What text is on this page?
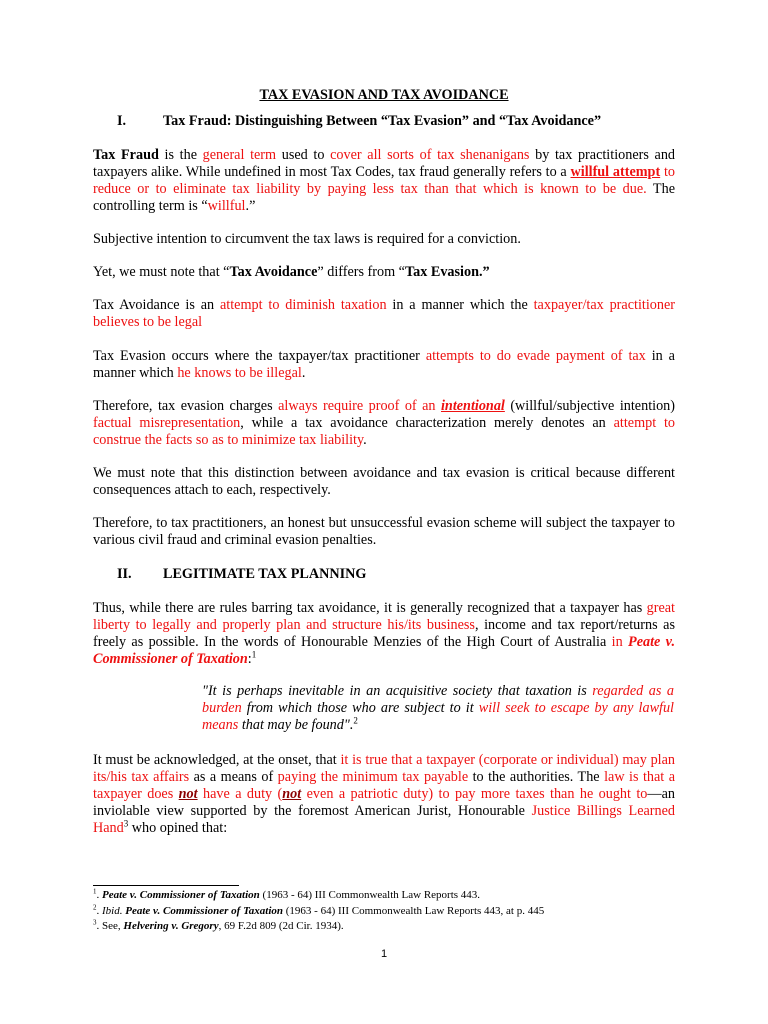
TAX EVASION AND TAX AVOIDANCE
I.	Tax Fraud: Distinguishing Between “Tax Evasion” and “Tax Avoidance”

Tax Fraud is the general term used to cover all sorts of tax shenanigans by tax practitioners and taxpayers alike. While undefined in most Tax Codes, tax fraud generally refers to a willful attempt to reduce or to eliminate tax liability by paying less tax than that which is known to be due. The controlling term is “willful.”

Subjective intention to circumvent the tax laws is required for a conviction.

Yet, we must note that “Tax Avoidance” differs from “Tax Evasion.”

Tax Avoidance is an attempt to diminish taxation in a manner which the taxpayer/tax practitioner believes to be legal

Tax Evasion occurs where the taxpayer/tax practitioner attempts to do evade payment of tax in a manner which he knows to be illegal.

Therefore, tax evasion charges always require proof of an intentional (willful/subjective intention) factual misrepresentation, while a tax avoidance characterization merely denotes an attempt to construe the facts so as to minimize tax liability.

We must note that this distinction between avoidance and tax evasion is critical because different consequences attach to each, respectively.

Therefore, to tax practitioners, an honest but unsuccessful evasion scheme will subject the taxpayer to various civil fraud and criminal evasion penalties.

II. LEGITIMATE TAX PLANNING

Thus, while there are rules barring tax avoidance, it is generally recognized that a taxpayer has great liberty to legally and properly plan and structure his/its business, income and tax report/returns as freely as possible. In the words of Honourable Menzies of the High Court of Australia in Peate v. Commissioner of Taxation:$^1$

"It is perhaps inevitable in an acquisitive society that taxation is regarded as a burden from which those who are subject to it will seek to escape by any lawful means that may be found".$^2$

It must be acknowledged, at the onset, that it is true that a taxpayer (corporate or individual) may plan its/his tax affairs as a means of paying the minimum tax payable to the authorities. The law is that a taxpayer does not have a duty (not even a patriotic duty) to pay more taxes than he ought to—an inviolable view supported by the foremost American Jurist, Honourable Justice Billings Learned Hand$^3$ who opined that:

$^1$. Peate v. Commissioner of Taxation (1963 - 64) III Commonwealth Law Reports 443.
$^2$. Ibid. Peate v. Commissioner of Taxation (1963 - 64) III Commonwealth Law Reports 443, at p. 445
$^3$. See, Helvering v. Gregory, 69 F.2d 809 (2d Cir. 1934).
1
